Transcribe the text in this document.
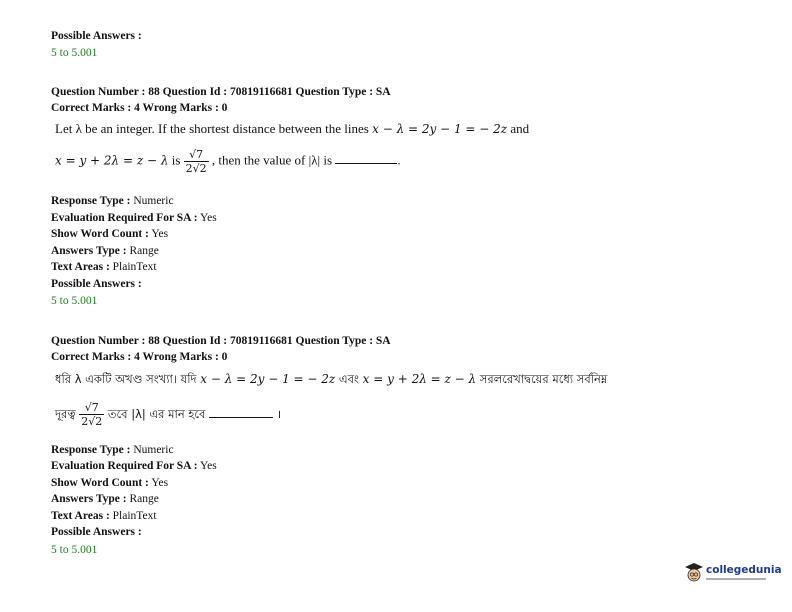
Possible Answers :
5 to 5.001
Question Number : 88 Question Id : 70819116681 Question Type : SA
Correct Marks : 4 Wrong Marks : 0
Let λ be an integer. If the shortest distance between the lines x − λ = 2y − 1 = − 2z and
x = y + 2λ = z − λ is $\frac{√7}{2√2}$ , then the value of |λ| is	.
Response Type : Numeric
Evaluation Required For SA : Yes
Show Word Count : Yes
Answers Type : Range
Text Areas : PlainText
Possible Answers :
5 to 5.001
Question Number : 88 Question Id : 70819116681 Question Type : SA
Correct Marks : 4 Wrong Marks : 0
ধরি λ একটি অখণ্ড সংখ্যা। যদি x − λ = 2y − 1 = − 2z এবং x = y + 2λ = z − λ সরলরেখাদ্বয়ের মধ্যে সর্বনিম্ন
দূরত্ব $\frac{√7}{2√2}$ তবে |λ| এর মান হবে	।
Response Type : Numeric
Evaluation Required For SA : Yes
Show Word Count : Yes
Answers Type : Range
Text Areas : PlainText
Possible Answers :
5 to 5.001
collegedunia
